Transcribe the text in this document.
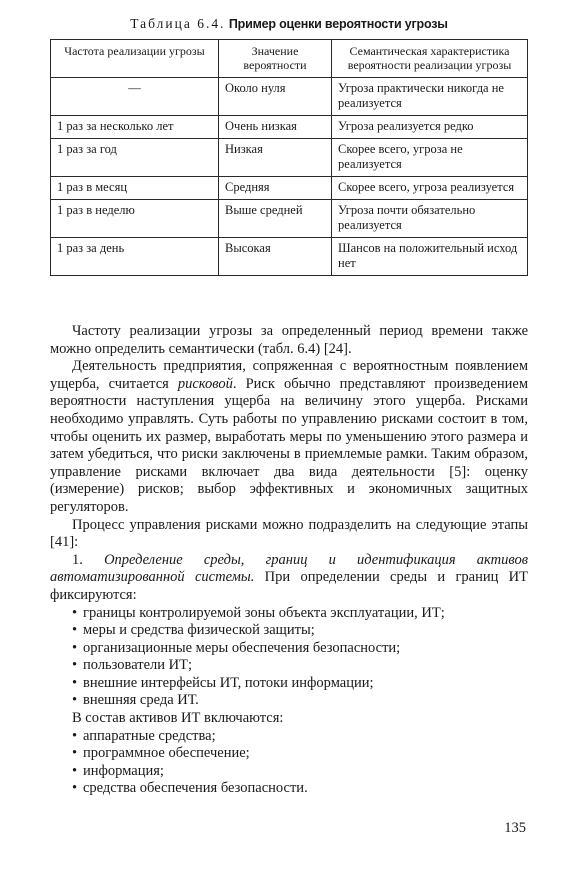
Таблица 6.4. Пример оценки вероятности угрозы
Частота реализации угрозы	Значение вероятности	Семантическая характеристика вероятности реализации угрозы
—	Около нуля	Угроза практически никогда не реализуется
1 раз за несколько лет	Очень низкая	Угроза реализуется редко
1 раз за год	Низкая	Скорее всего, угроза не реализуется
1 раз в месяц	Средняя	Скорее всего, угроза реализуется
1 раз в неделю	Выше средней	Угроза почти обязательно реализуется
1 раз за день	Высокая	Шансов на положительный исход нет

Частоту реализации угрозы за определенный период времени также можно определить семантически (табл. 6.4) [24].

Деятельность предприятия, сопряженная с вероятностным появлением ущерба, считается рисковой. Риск обычно представляют произведением вероятности наступления ущерба на величину этого ущерба. Рисками необходимо управлять. Суть работы по управлению рисками состоит в том, чтобы оценить их размер, выработать меры по уменьшению этого размера и затем убедиться, что риски заключены в приемлемые рамки. Таким образом, управление рисками включает два вида деятельности [5]: оценку (измерение) рисков; выбор эффективных и экономичных защитных регуляторов.

Процесс управления рисками можно подразделить на следующие этапы [41]:

1. Определение среды, границ и идентификация активов автоматизированной системы. При определении среды и границ ИТ фиксируются:

• границы контролируемой зоны объекта эксплуатации, ИТ;
• меры и средства физической защиты;
• организационные меры обеспечения безопасности;
• пользователи ИТ;
• внешние интерфейсы ИТ, потоки информации;
• внешняя среда ИТ.

В состав активов ИТ включаются:

• аппаратные средства;
• программное обеспечение;
• информация;
• средства обеспечения безопасности.
135
